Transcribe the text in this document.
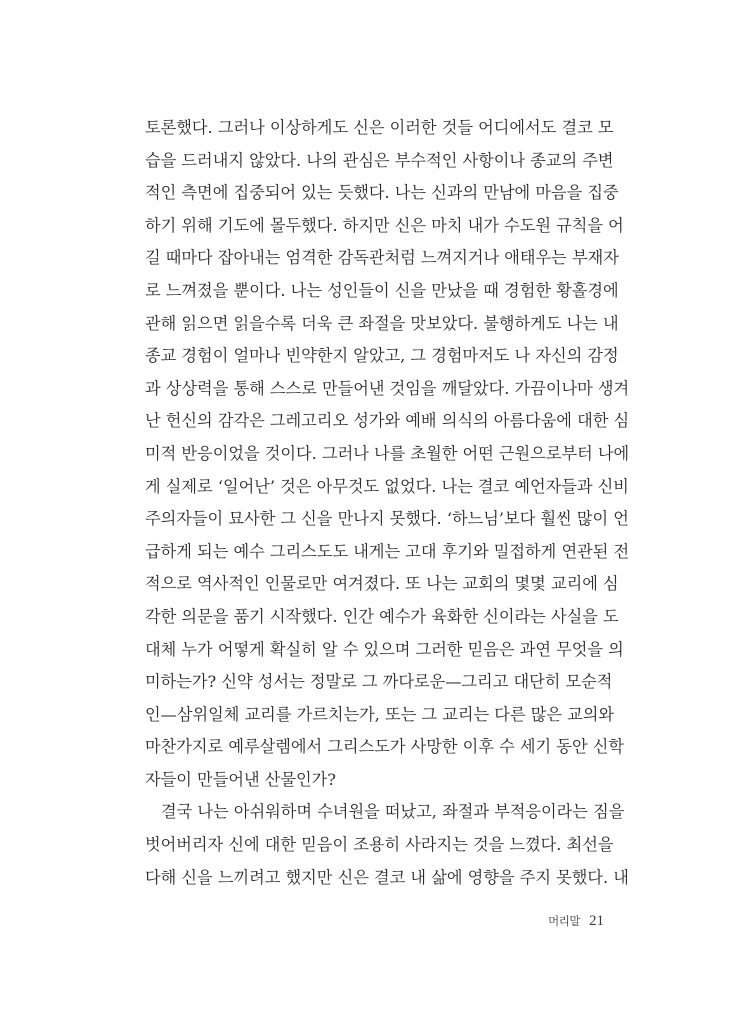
토론했다. 그러나 이상하게도 신은 이러한 것들 어디에서도 결코 모
습을 드러내지 않았다. 나의 관심은 부수적인 사항이나 종교의 주변
적인 측면에 집중되어 있는 듯했다. 나는 신과의 만남에 마음을 집중
하기 위해 기도에 몰두했다. 하지만 신은 마치 내가 수도원 규칙을 어
길 때마다 잡아내는 엄격한 감독관처럼 느껴지거나 애태우는 부재자
로 느껴졌을 뿐이다. 나는 성인들이 신을 만났을 때 경험한 황홀경에
관해 읽으면 읽을수록 더욱 큰 좌절을 맛보았다. 불행하게도 나는 내
종교 경험이 얼마나 빈약한지 알았고, 그 경험마저도 나 자신의 감정
과 상상력을 통해 스스로 만들어낸 것임을 깨달았다. 가끔이나마 생겨
난 헌신의 감각은 그레고리오 성가와 예배 의식의 아름다움에 대한 심
미적 반응이었을 것이다. 그러나 나를 초월한 어떤 근원으로부터 나에
게 실제로 ‘일어난’ 것은 아무것도 없었다. 나는 결코 예언자들과 신비
주의자들이 묘사한 그 신을 만나지 못했다. ‘하느님’보다 훨씬 많이 언
급하게 되는 예수 그리스도도 내게는 고대 후기와 밀접하게 연관된 전
적으로 역사적인 인물로만 여겨졌다. 또 나는 교회의 몇몇 교리에 심
각한 의문을 품기 시작했다. 인간 예수가 육화한 신이라는 사실을 도
대체 누가 어떻게 확실히 알 수 있으며 그러한 믿음은 과연 무엇을 의
미하는가? 신약 성서는 정말로 그 까다로운—그리고 대단히 모순적
인—삼위일체 교리를 가르치는가, 또는 그 교리는 다른 많은 교의와
마찬가지로 예루살렘에서 그리스도가 사망한 이후 수 세기 동안 신학
자들이 만들어낸 산물인가?
결국 나는 아쉬워하며 수녀원을 떠났고, 좌절과 부적응이라는 짐을
벗어버리자 신에 대한 믿음이 조용히 사라지는 것을 느꼈다. 최선을
다해 신을 느끼려고 했지만 신은 결코 내 삶에 영향을 주지 못했다. 내
머리말 21
